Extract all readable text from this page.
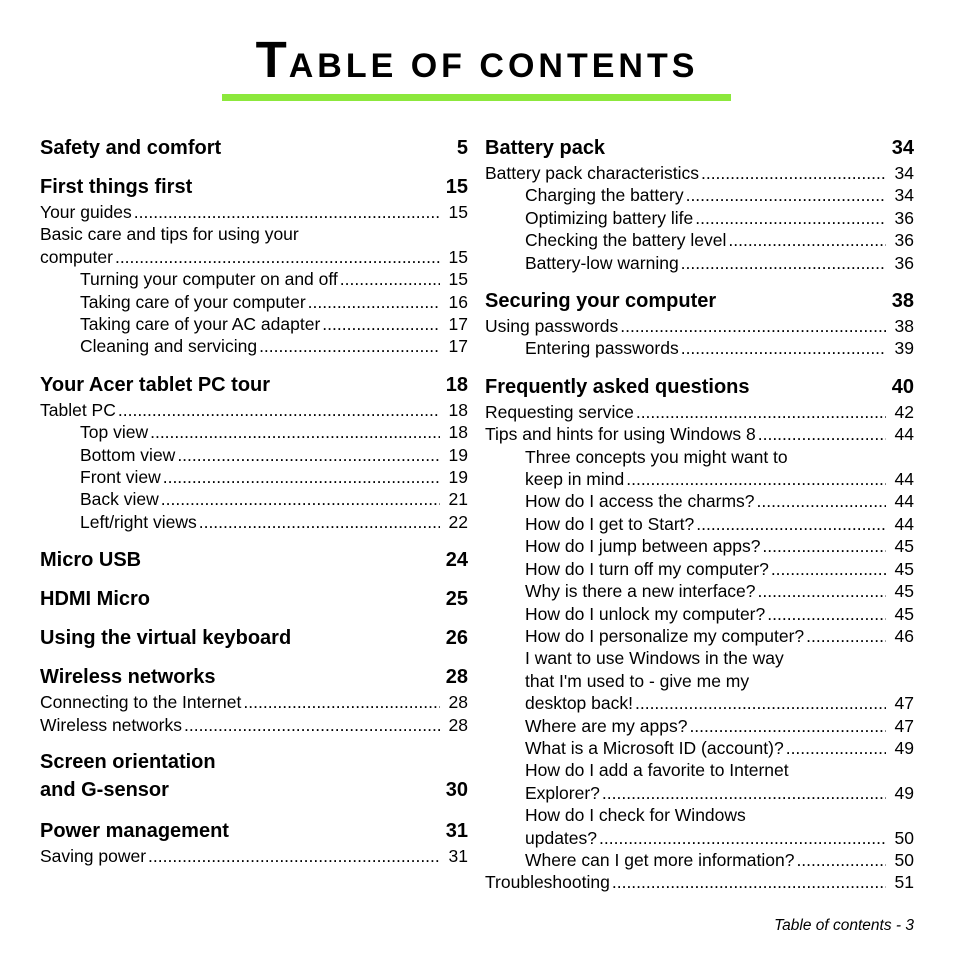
TABLE OF CONTENTS
Safety and comfort	5
First things first	15
Your guides .....	15
Basic care and tips for using your
computer .....	15
Turning your computer on and off .....	15
Taking care of your computer .....	16
Taking care of your AC adapter .....	17
Cleaning and servicing .....	17
Your Acer tablet PC tour	18
Tablet PC .....	18
Top view .....	18
Bottom view .....	19
Front view .....	19
Back view .....	21
Left/right views .....	22
Micro USB	24
HDMI Micro	25
Using the virtual keyboard	26
Wireless networks	28
Connecting to the Internet .....	28
Wireless networks .....	28
Screen orientation
and G-sensor	30
Power management	31
Saving power .....	31
Battery pack	34
Battery pack characteristics .....	34
Charging the battery .....	34
Optimizing battery life .....	36
Checking the battery level .....	36
Battery-low warning .....	36
Securing your computer	38
Using passwords .....	38
Entering passwords .....	39
Frequently asked questions	40
Requesting service .....	42
Tips and hints for using Windows 8 .....	44
Three concepts you might want to
keep in mind .....	44
How do I access the charms? .....	44
How do I get to Start? .....	44
How do I jump between apps? .....	45
How do I turn off my computer? .....	45
Why is there a new interface? .....	45
How do I unlock my computer? .....	45
How do I personalize my computer? .....	46
I want to use Windows in the way
that I'm used to - give me my
desktop back! .....	47
Where are my apps? .....	47
What is a Microsoft ID (account)? .....	49
How do I add a favorite to Internet
Explorer? .....	49
How do I check for Windows
updates? .....	50
Where can I get more information? .....	50
Troubleshooting .....	51
Table of contents - 3
